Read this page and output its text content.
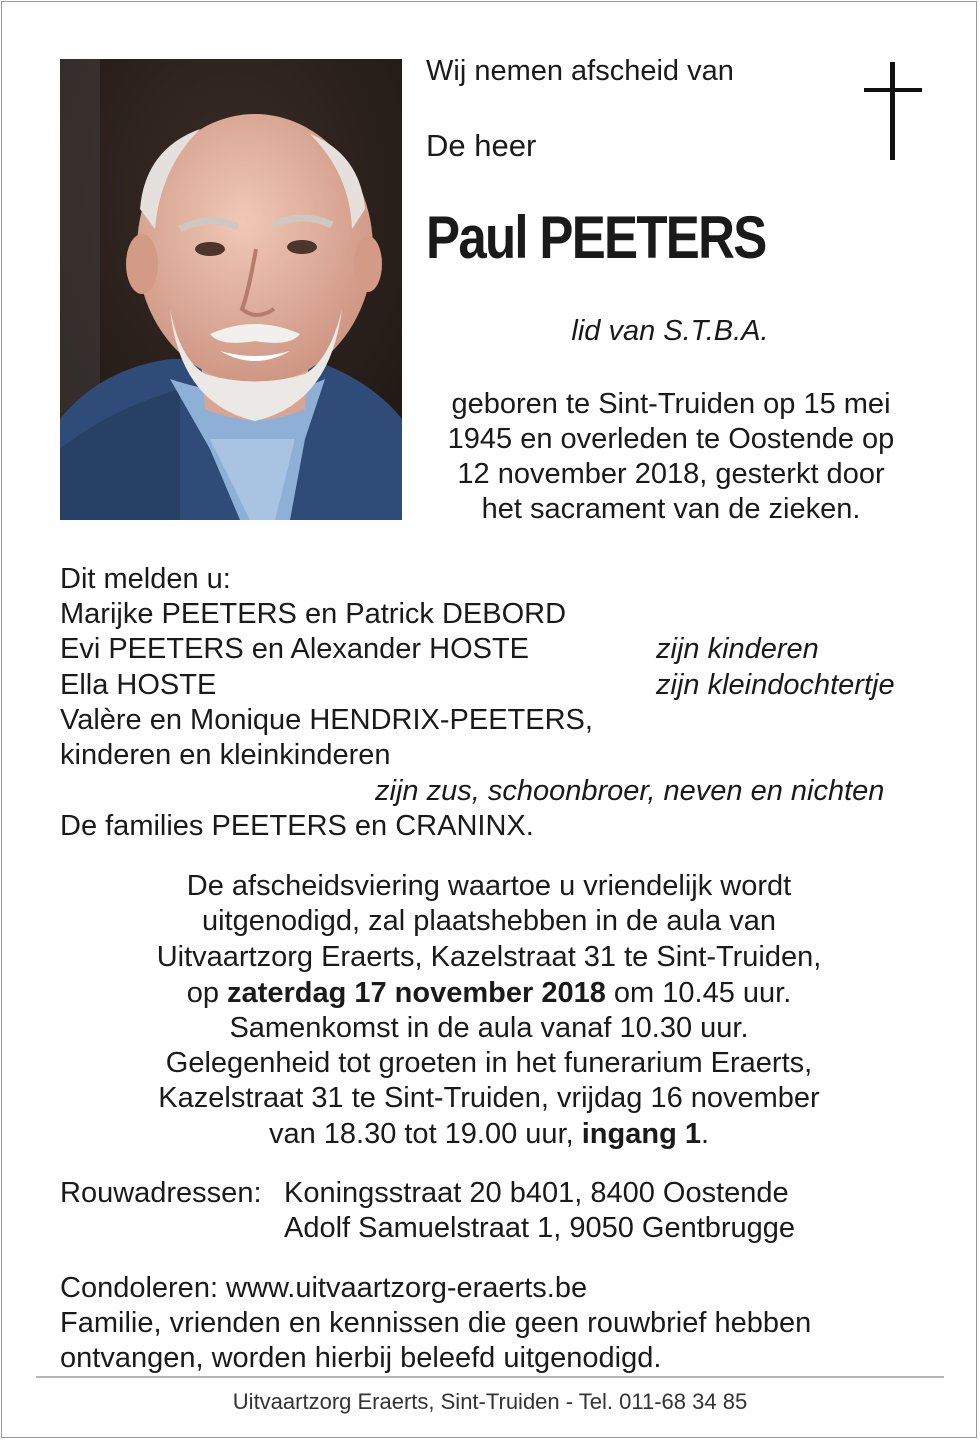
Wij nemen afscheid van
De heer
Paul PEETERS
lid van S.T.B.A.
geboren te Sint-Truiden op 15 mei
1945 en overleden te Oostende op
12 november 2018, gesterkt door
het sacrament van de zieken.
Dit melden u:
Marijke PEETERS en Patrick DEBORD
Evi PEETERS en Alexander HOSTE	zijn kinderen
Ella HOSTE	zijn kleindochtertje
Valère en Monique HENDRIX-PEETERS,
kinderen en kleinkinderen
zijn zus, schoonbroer, neven en nichten
De families PEETERS en CRANINX.
De afscheidsviering waartoe u vriendelijk wordt
uitgenodigd, zal plaatshebben in de aula van
Uitvaartzorg Eraerts, Kazelstraat 31 te Sint-Truiden,
op zaterdag 17 november 2018 om 10.45 uur.
Samenkomst in de aula vanaf 10.30 uur.
Gelegenheid tot groeten in het funerarium Eraerts,
Kazelstraat 31 te Sint-Truiden, vrijdag 16 november
van 18.30 tot 19.00 uur, ingang 1.
Rouwadressen: Koningsstraat 20 b401, 8400 Oostende
Adolf Samuelstraat 1, 9050 Gentbrugge
Condoleren: www.uitvaartzorg-eraerts.be
Familie, vrienden en kennissen die geen rouwbrief hebben
ontvangen, worden hierbij beleefd uitgenodigd.
Uitvaartzorg Eraerts, Sint-Truiden - Tel. 011-68 34 85
